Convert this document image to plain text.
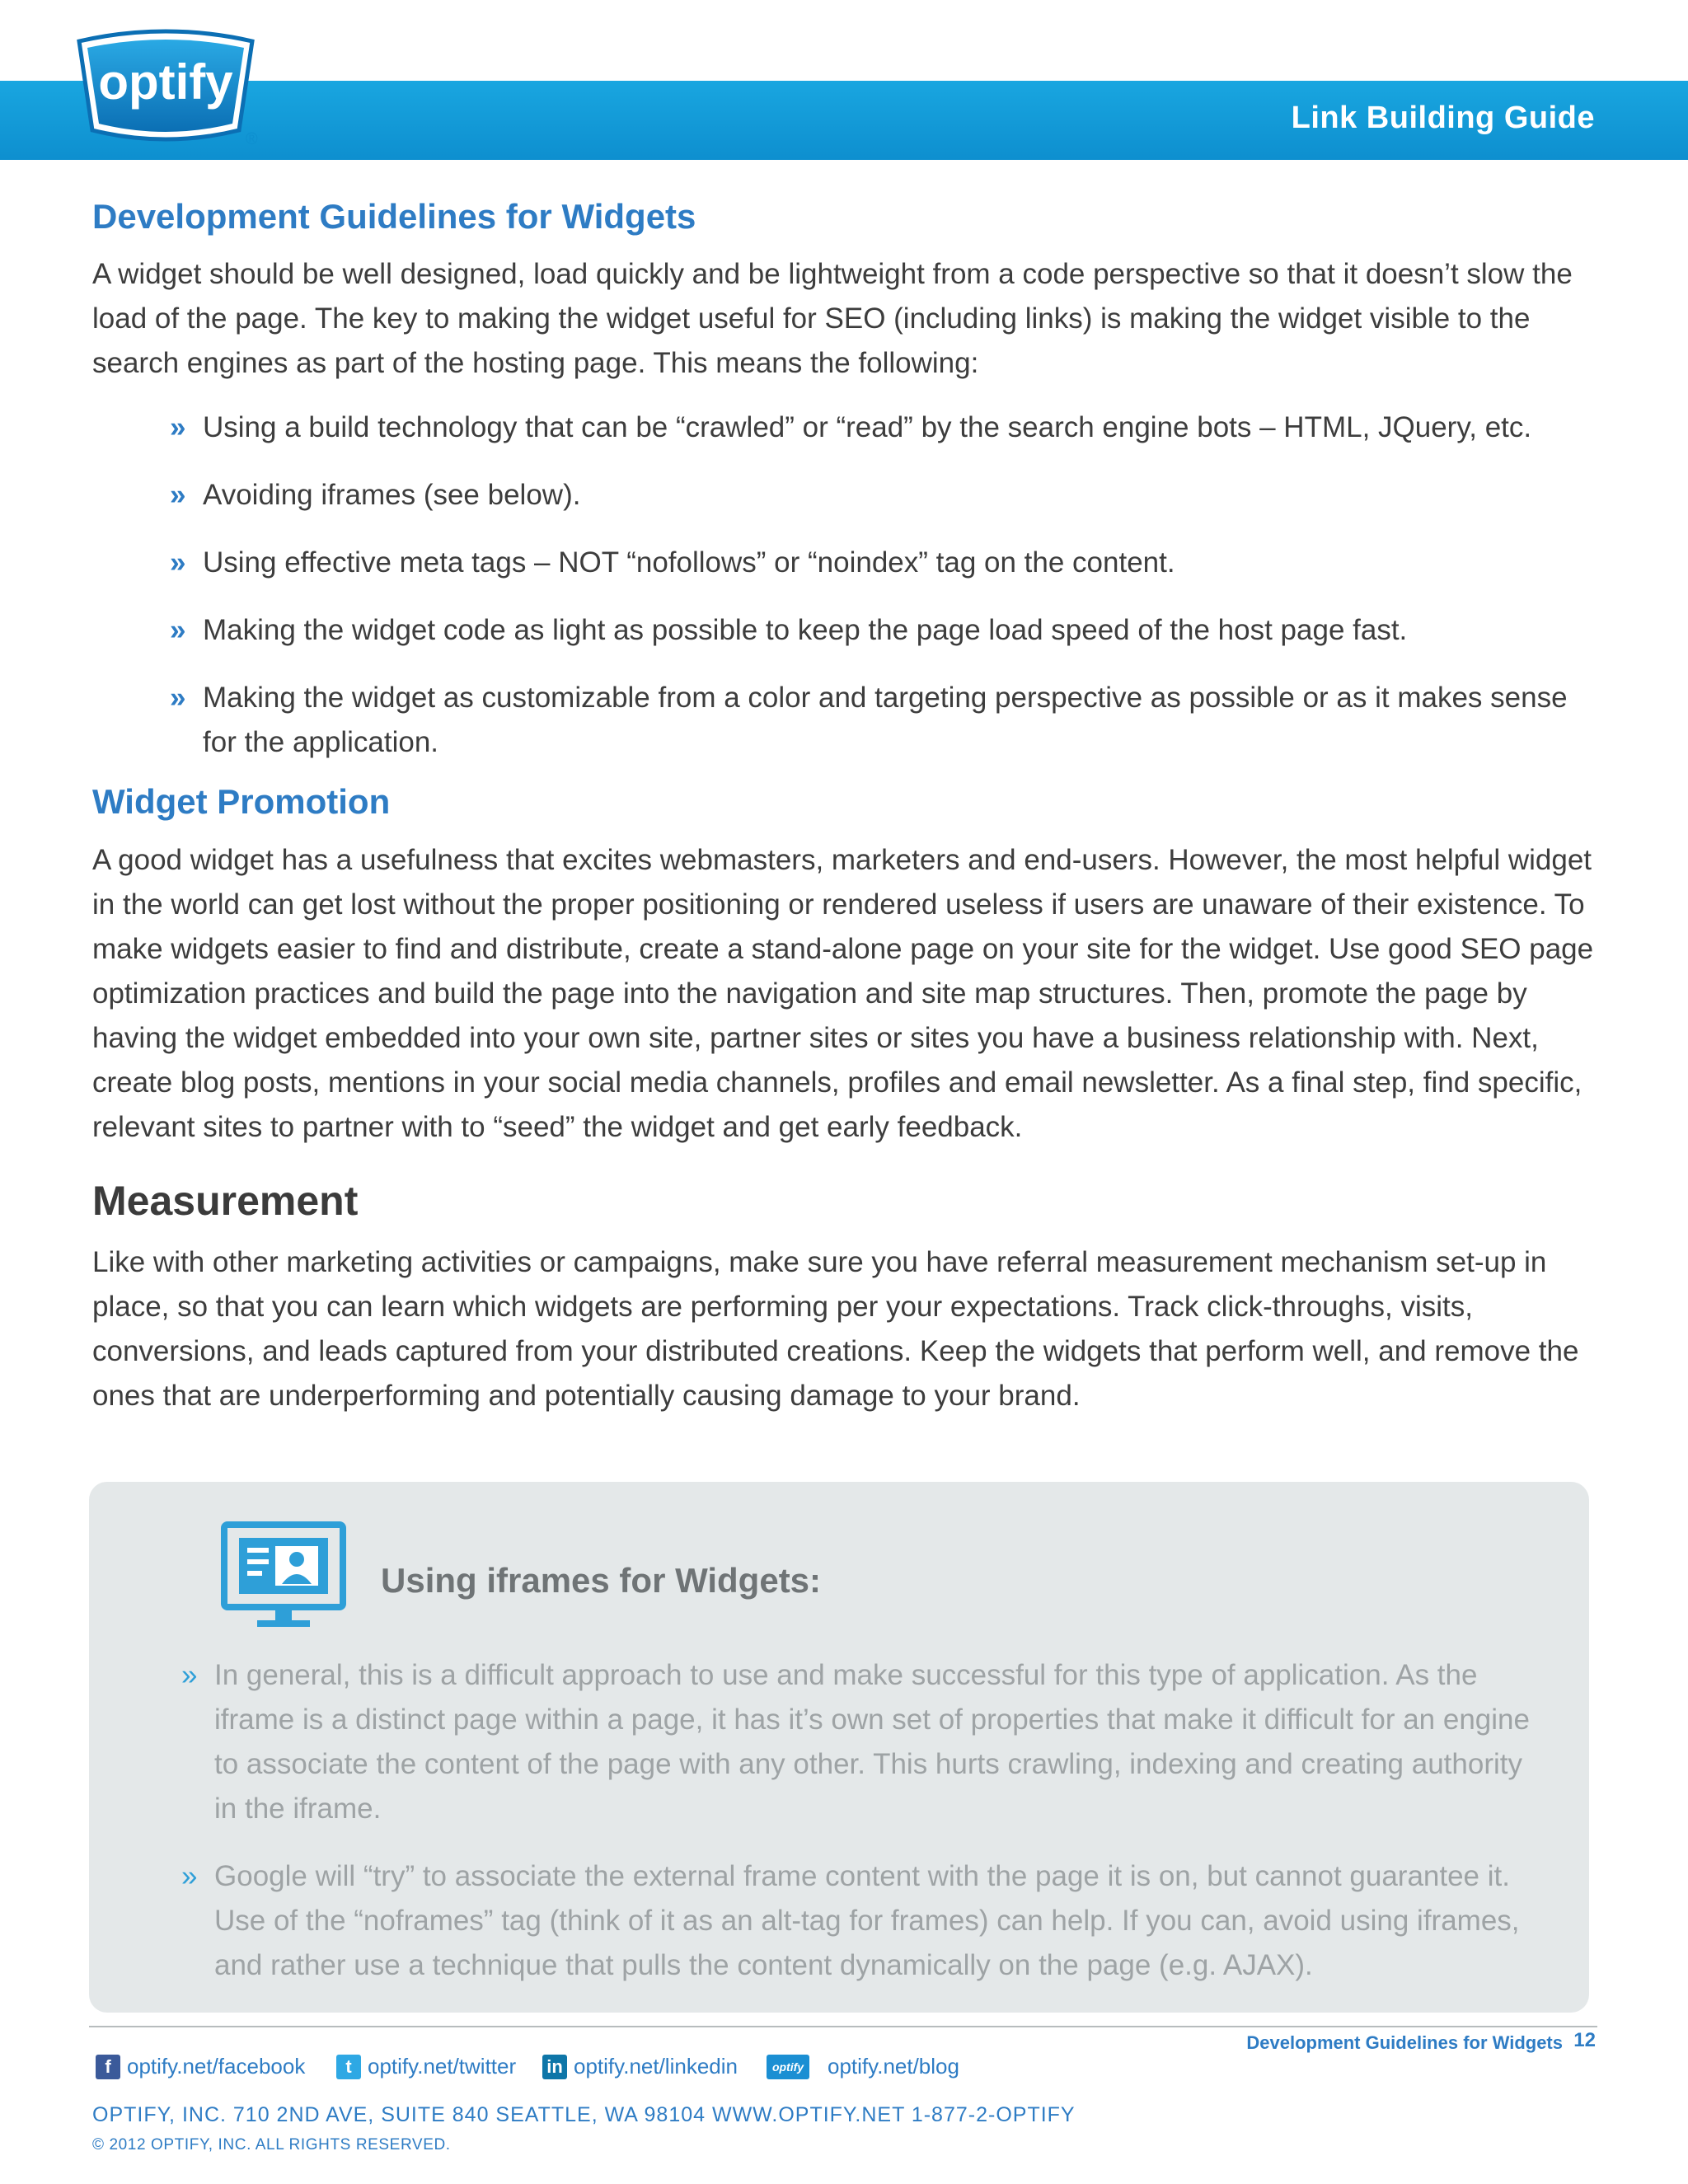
optify
®
Link Building Guide
Development Guidelines for Widgets

A widget should be well designed, load quickly and be lightweight from a code perspective so that it doesn’t slow the load of the page. The key to making the widget useful for SEO (including links) is making the widget visible to the search engines as part of the hosting page. This means the following:

» Using a build technology that can be “crawled” or “read” by the search engine bots – HTML, JQuery, etc.
» Avoiding iframes (see below).
» Using effective meta tags – NOT “nofollows” or “noindex” tag on the content.
» Making the widget code as light as possible to keep the page load speed of the host page fast.
» Making the widget as customizable from a color and targeting perspective as possible or as it makes sense for the application.
Widget Promotion

A good widget has a usefulness that excites webmasters, marketers and end-users. However, the most helpful widget in the world can get lost without the proper positioning or rendered useless if users are unaware of their existence. To make widgets easier to find and distribute, create a stand-alone page on your site for the widget. Use good SEO page optimization practices and build the page into the navigation and site map structures. Then, promote the page by having the widget embedded into your own site, partner sites or sites you have a business relationship with. Next, create blog posts, mentions in your social media channels, profiles and email newsletter. As a final step, find specific, relevant sites to partner with to “seed” the widget and get early feedback.

Measurement

Like with other marketing activities or campaigns, make sure you have referral measurement mechanism set-up in place, so that you can learn which widgets are performing per your expectations. Track click-throughs, visits, conversions, and leads captured from your distributed creations. Keep the widgets that perform well, and remove the ones that are underperforming and potentially causing damage to your brand.

Using iframes for Widgets:
» In general, this is a difficult approach to use and make successful for this type of application. As the iframe is a distinct page within a page, it has it’s own set of properties that make it difficult for an engine to associate the content of the page with any other. This hurts crawling, indexing and creating authority in the iframe.
» Google will “try” to associate the external frame content with the page it is on, but cannot guarantee it. Use of the “noframes” tag (think of it as an alt-tag for frames) can help. If you can, avoid using iframes, and rather use a technique that pulls the content dynamically on the page (e.g. AJAX).
Development Guidelines for Widgets 12
f optify.net/facebook	t optify.net/twitter in optify.net/linkedin	optify optify.net/blog
OPTIFY, INC. 710 2ND AVE, SUITE 840 SEATTLE, WA 98104 WWW.OPTIFY.NET 1-877-2-OPTIFY
© 2012 OPTIFY, INC. ALL RIGHTS RESERVED.
